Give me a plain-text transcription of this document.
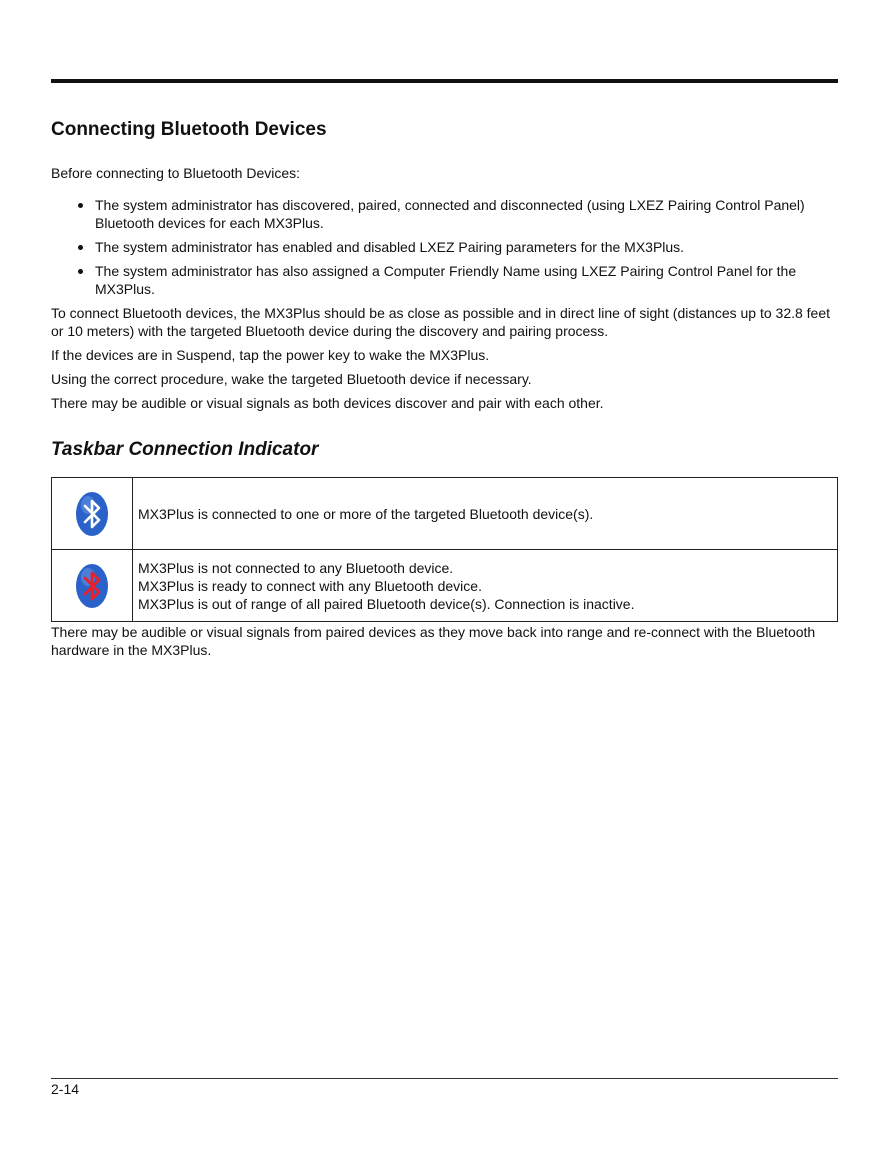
Connecting Bluetooth Devices

Before connecting to Bluetooth Devices:

The system administrator has discovered, paired, connected and disconnected (using LXEZ Pairing Control Panel) Bluetooth devices for each MX3Plus.
The system administrator has enabled and disabled LXEZ Pairing parameters for the MX3Plus.
The system administrator has also assigned a Computer Friendly Name using LXEZ Pairing Control Panel for the MX3Plus.

To connect Bluetooth devices, the MX3Plus should be as close as possible and in direct line of sight (distances up to 32.8 feet or 10 meters) with the targeted Bluetooth device during the discovery and pairing process.

If the devices are in Suspend, tap the power key to wake the MX3Plus.

Using the correct procedure, wake the targeted Bluetooth device if necessary.

There may be audible or visual signals as both devices discover and pair with each other.

Taskbar Connection Indicator

MX3Plus is connected to one or more of the targeted Bluetooth device(s).

MX3Plus is not connected to any Bluetooth device.
MX3Plus is ready to connect with any Bluetooth device.
MX3Plus is out of range of all paired Bluetooth device(s). Connection is inactive.

There may be audible or visual signals from paired devices as they move back into range and re-connect with the Bluetooth hardware in the MX3Plus.

2-14
